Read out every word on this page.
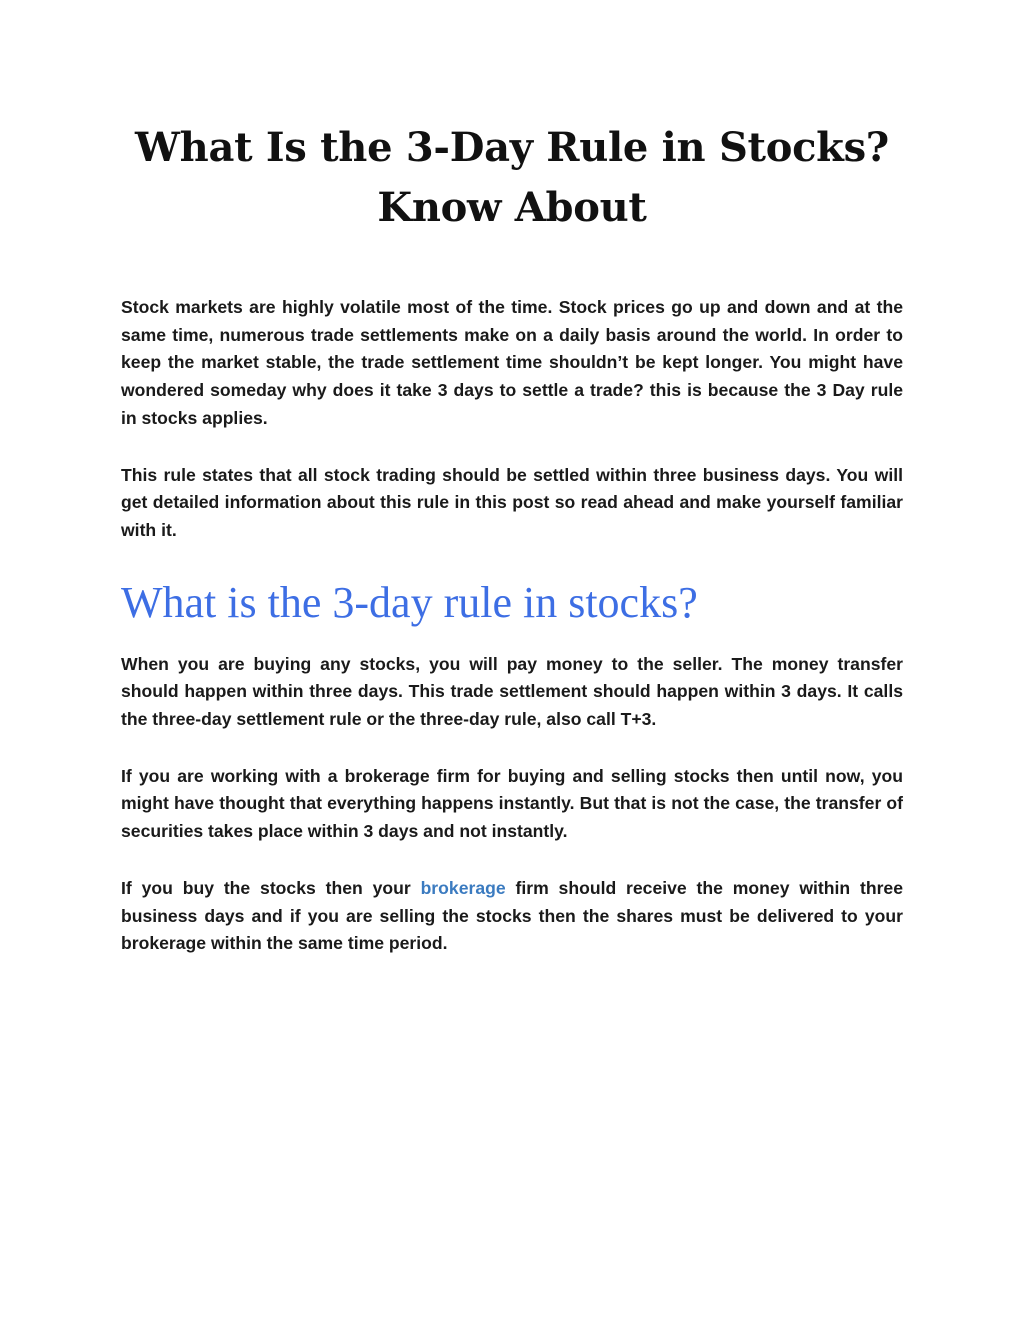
What Is the 3-Day Rule in Stocks?
Know About

Stock markets are highly volatile most of the time. Stock prices go up and down and at the same time, numerous trade settlements make on a daily basis around the world. In order to keep the market stable, the trade settlement time shouldn’t be kept longer. You might have wondered someday why does it take 3 days to settle a trade? this is because the 3 Day rule in stocks applies.

This rule states that all stock trading should be settled within three business days. You will get detailed information about this rule in this post so read ahead and make yourself familiar with it.

What is the 3-day rule in stocks?

When you are buying any stocks, you will pay money to the seller. The money transfer should happen within three days. This trade settlement should happen within 3 days. It calls the three-day settlement rule or the three-day rule, also call T+3.

If you are working with a brokerage firm for buying and selling stocks then until now, you might have thought that everything happens instantly. But that is not the case, the transfer of securities takes place within 3 days and not instantly.

If you buy the stocks then your brokerage firm should receive the money within three business days and if you are selling the stocks then the shares must be delivered to your brokerage within the same time period.
